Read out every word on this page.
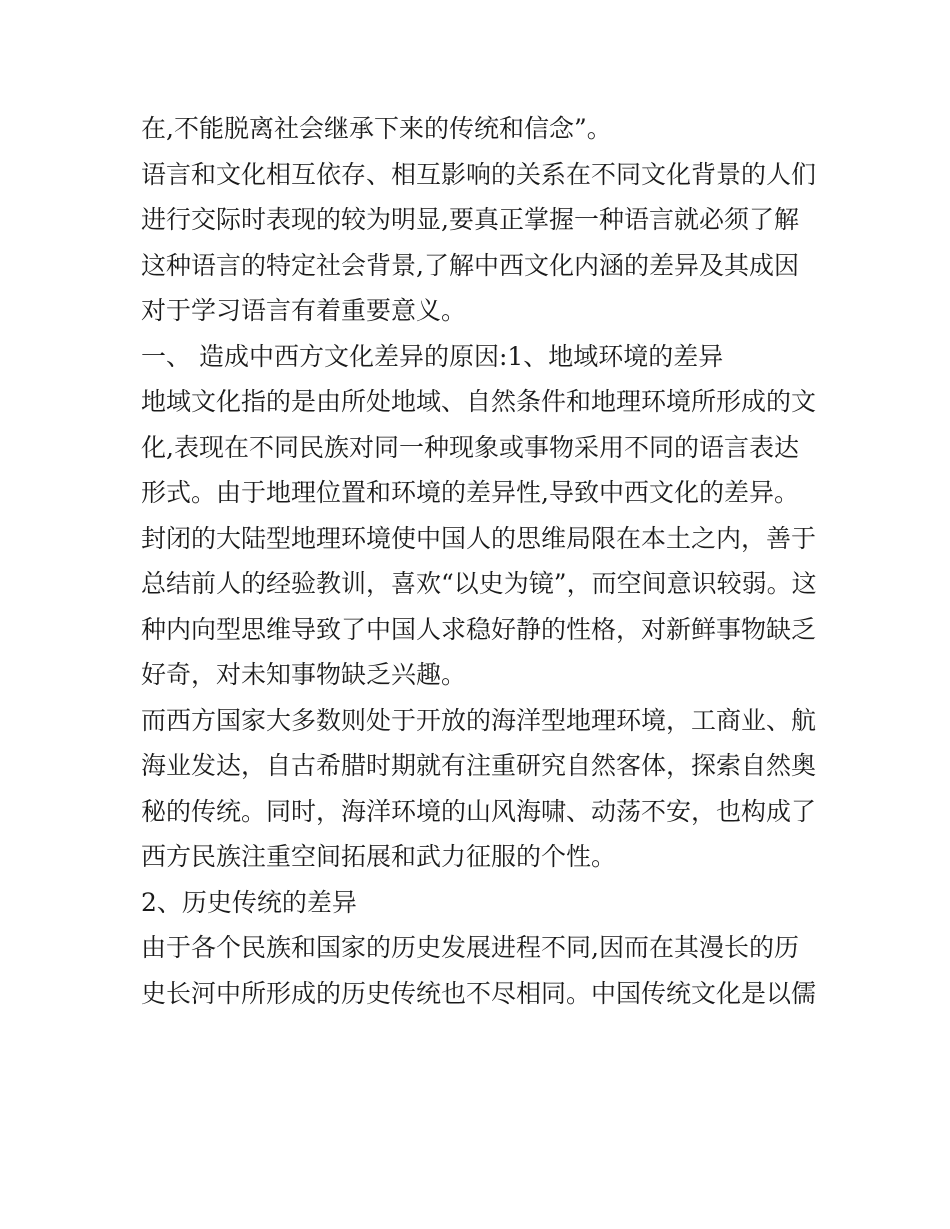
在,不能脱离社会继承下来的传统和信念”。
语言和文化相互依存、相互影响的关系在不同文化背景的人们
进行交际时表现的较为明显,要真正掌握一种语言就必须了解
这种语言的特定社会背景,了解中西文化内涵的差异及其成因
对于学习语言有着重要意义。
一、 造成中西方文化差异的原因:1、地域环境的差异
地域文化指的是由所处地域、自然条件和地理环境所形成的文
化,表现在不同民族对同一种现象或事物采用不同的语言表达
形式。由于地理位置和环境的差异性,导致中西文化的差异。
封闭的大陆型地理环境使中国人的思维局限在本土之内，善于
总结前人的经验教训，喜欢“以史为镜”，而空间意识较弱。这
种内向型思维导致了中国人求稳好静的性格，对新鲜事物缺乏
好奇，对未知事物缺乏兴趣。
而西方国家大多数则处于开放的海洋型地理环境，工商业、航
海业发达，自古希腊时期就有注重研究自然客体，探索自然奥
秘的传统。同时，海洋环境的山风海啸、动荡不安，也构成了
西方民族注重空间拓展和武力征服的个性。
2、历史传统的差异
由于各个民族和国家的历史发展进程不同,因而在其漫长的历
史长河中所形成的历史传统也不尽相同。中国传统文化是以儒
